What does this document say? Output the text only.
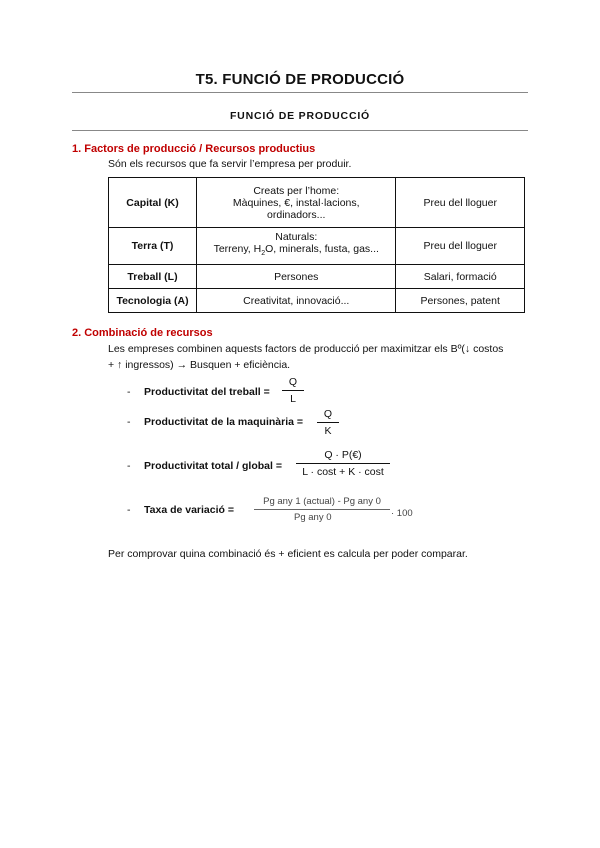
T5. FUNCIÓ DE PRODUCCIÓ
FUNCIÓ DE PRODUCCIÓ
1. Factors de producció / Recursos productius
Són els recursos que fa servir l’empresa per produir.
Capital (K)	Creats per l’home:
Màquines, €, instal·lacions,
ordinadors...	Preu del lloguer
Terra (T)	Naturals:
Terreny, $H_2O$, minerals, fusta, gas...	Preu del lloguer
Treball (L)	Persones	Salari, formació
Tecnologia (A)	Creativitat, innovació...	Persones, patent
2. Combinació de recursos
Les empreses combinen aquests factors de producció per maximitzar els Bº(↓ costos
+ ↑ ingressos) → Busquen + eficiència.
- Productivitat del treball =
Q
L
- Productivitat de la maquinària =
Q
K
- Productivitat total / global =
Q · P(€)
L · cost + K · cost
- Taxa de variació =
Pg any 1 (actual) - Pg any 0
Pg any 0	· 100
Per comprovar quina combinació és + eficient es calcula per poder comparar.
